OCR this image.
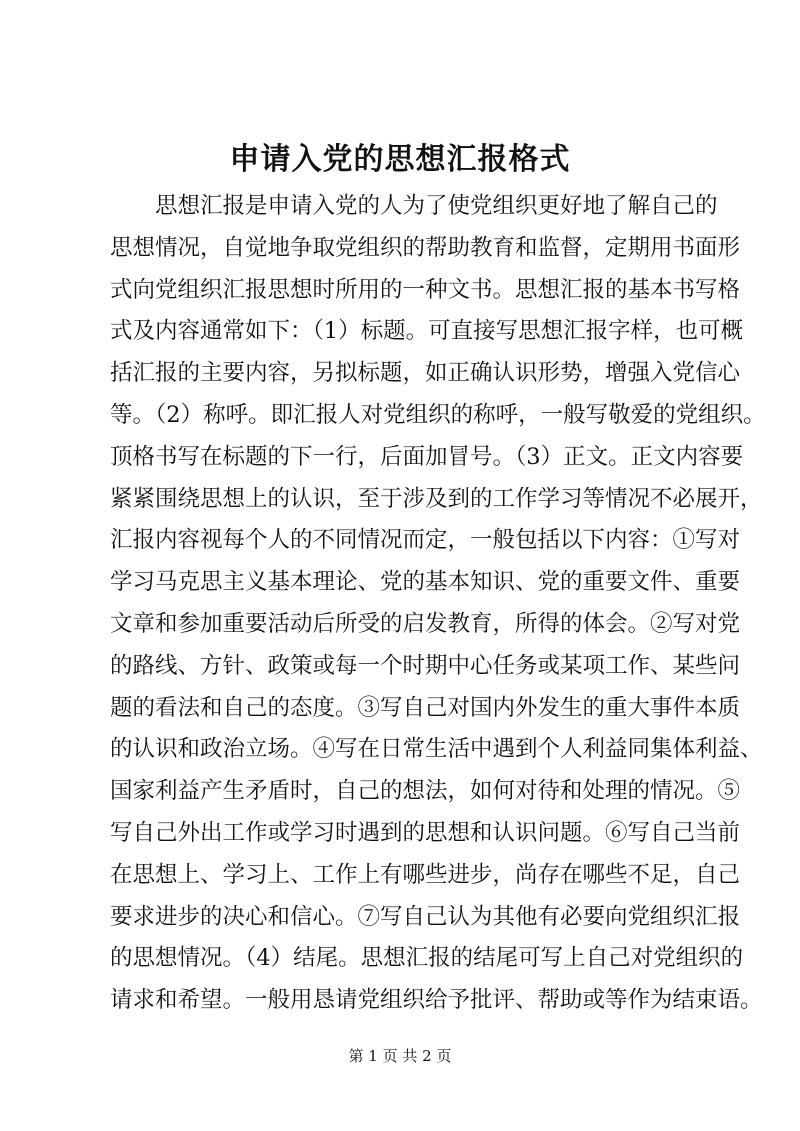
申请入党的思想汇报格式
思想汇报是申请入党的人为了使党组织更好地了解自己的
思想情况，自觉地争取党组织的帮助教育和监督，定期用书面形
式向党组织汇报思想时所用的一种文书。思想汇报的基本书写格
式及内容通常如下：（1）标题。可直接写思想汇报字样，也可概
括汇报的主要内容，另拟标题，如正确认识形势，增强入党信心
等。（2）称呼。即汇报人对党组织的称呼，一般写敬爱的党组织。
顶格书写在标题的下一行，后面加冒号。（3）正文。正文内容要
紧紧围绕思想上的认识，至于涉及到的工作学习等情况不必展开，
汇报内容视每个人的不同情况而定，一般包括以下内容：①写对
学习马克思主义基本理论、党的基本知识、党的重要文件、重要
文章和参加重要活动后所受的启发教育，所得的体会。②写对党
的路线、方针、政策或每一个时期中心任务或某项工作、某些问
题的看法和自己的态度。③写自己对国内外发生的重大事件本质
的认识和政治立场。④写在日常生活中遇到个人利益同集体利益、
国家利益产生矛盾时，自己的想法，如何对待和处理的情况。⑤
写自己外出工作或学习时遇到的思想和认识问题。⑥写自己当前
在思想上、学习上、工作上有哪些进步，尚存在哪些不足，自己
要求进步的决心和信心。⑦写自己认为其他有必要向党组织汇报
的思想情况。（4）结尾。思想汇报的结尾可写上自己对党组织的
请求和希望。一般用恳请党组织给予批评、帮助或等作为结束语。
第 1 页 共 2 页
